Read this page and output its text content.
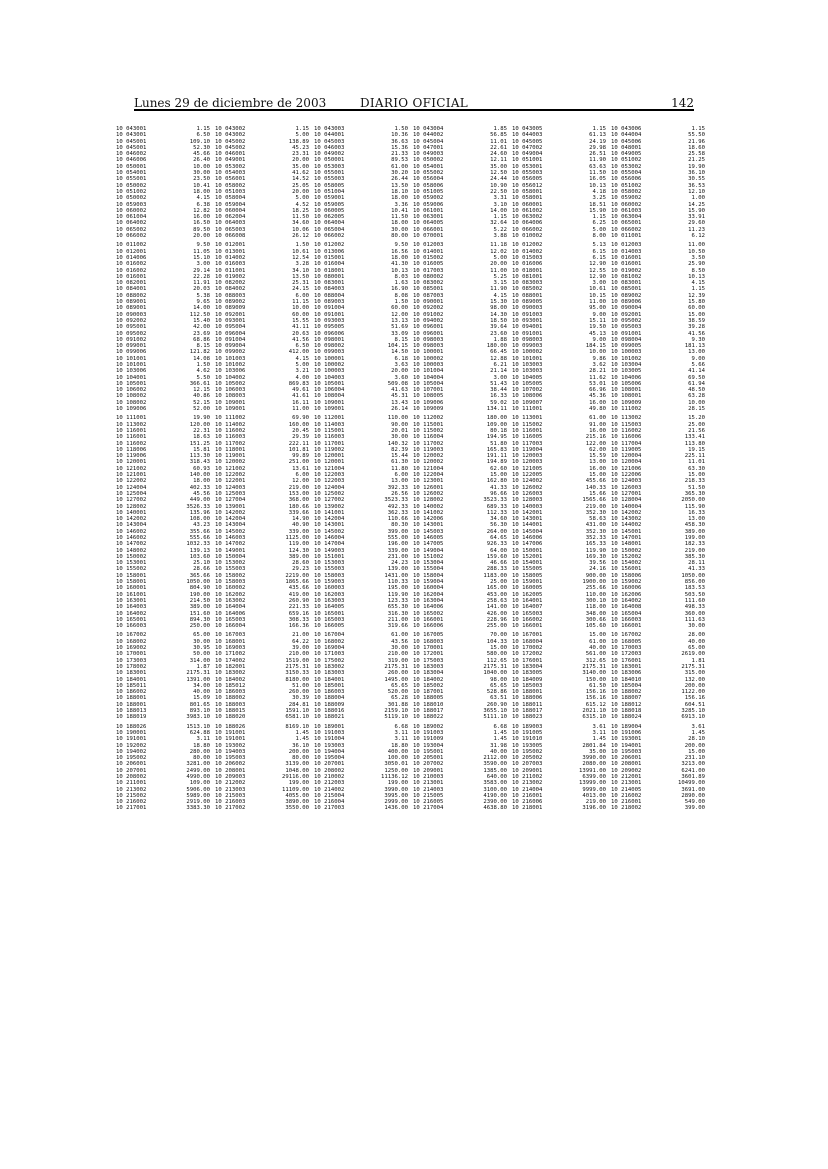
Lunes 29 de diciembre de 2003	DIARIO OFICIAL	142
10 043001	1.15
10 043001	6.50
10 045001	109.10
10 045001	52.30
10 046002	45.66
10 046006	26.40
10 050001	10.00
10 054001	30.00
10 055001	23.50
10 050002	10.41
10 051002	18.00
10 050002	4.15
10 059003	6.38
10 060002	12.82
10 061004	16.00
10 064002	16.50
10 065002	89.50
10 066002	20.00
10 011002	9.50
10 012001	11.05
10 014006	15.10
10 016002	3.00
10 016002	29.14
10 016001	22.28
10 082001	11.91
10 084001	20.03
10 088002	5.38
10 089001	9.65
10 089001	14.00
10 090003	112.50
10 092002	15.40
10 095001	42.00
10 095002	23.69
10 091002	68.86
10 099001	8.15
10 099006	121.82
10 101001	14.08
10 101001	1.50
10 103006	4.62
10 104001	5.50
10 105001	366.61
10 106002	12.15
10 108002	40.86
10 108002	52.15
10 109006	52.00
10 111001	19.90
10 113002	120.00
10 116001	22.31
10 116001	18.63
10 116002	151.25
10 118006	15.81
10 119006	113.30
10 120001	318.43
10 121002	60.93
10 121001	140.00
10 122002	18.00
10 124004	402.33
10 125004	45.56
10 127002	449.00
10 128002	3526.33
10 140001	135.96
10 142002	108.00
10 143004	43.23
10 146002	355.66
10 146002	555.66
10 147002	1032.33
10 148002	139.13
10 150002	103.60
10 153001	25.10
10 155002	28.66
10 158001	365.66
10 158001	1050.00
10 160001	804.90
10 161001	190.00
10 163001	214.50
10 164003	389.00
10 164002	151.60
10 165001	894.30
10 166003	250.00
10 167002	65.00
10 168002	30.00
10 169002	30.95
10 170001	50.00
10 173003	314.00
10 178002	1.87
10 183001	2175.31
10 184001	1391.00
10 185011	34.00
10 186002	40.00
10 188001	15.09
10 188001	801.65
10 188013	893.10
10 188019	3983.10
10 188026	1513.10
10 190001	624.88
10 191001	3.11
10 192002	18.80
10 194002	280.00
10 195002	80.00
10 206001	3281.00
10 207001	2499.00
10 208002	4990.00
10 211001	109.00
10 213002	5906.00
10 215002	5989.00
10 216002	2919.00
10 217001	3383.30
10 043002	1.15
10 043002	5.00
10 045002	138.89
10 045002	45.23
10 046001	23.31
10 049001	20.00
10 053002	35.00
10 054003	41.62
10 056001	14.52
10 058002	25.05
10 051003	20.00
10 058004	5.00
10 059004	4.52
10 060004	18.25
10 062004	11.50
10 064003	34.60
10 065003	10.06
10 066008	26.12
10 012001	1.50
10 013001	10.61
10 014002	12.54
10 016003	3.28
10 011001	34.10
10 019002	13.50
10 082002	25.31
10 084002	24.15
10 088003	6.00
10 089002	11.15
10 089009	10.00
10 092001	60.00
10 093001	15.55
10 095004	41.11
10 096004	20.63
10 091004	41.56
10 099004	6.50
10 099002	412.00
10 101003	4.15
10 101002	5.00
10 103006	3.21
10 104002	4.00
10 105002	869.83
10 106003	49.61
10 108003	41.61
10 109001	16.11
10 109001	11.00
10 111002	69.90
10 114002	160.00
10 116002	20.45
10 116003	29.39
10 117002	222.11
10 118001	101.81
10 119001	99.89
10 120002	251.00
10 121002	13.61
10 122002	6.00
10 122001	12.00
10 124003	219.00
10 125003	153.00
10 127004	368.00
10 139001	180.66
10 142002	339.66
10 142004	14.90
10 143004	40.90
10 145002	339.00
10 146003	1125.00
10 147002	119.00
10 149001	124.30
10 150004	389.00
10 153002	28.60
10 155003	29.23
10 158002	2219.00
10 158003	1865.66
10 160002	435.66
10 162002	419.00
10 163002	260.90
10 164004	221.33
10 164006	659.16
10 165003	308.33
10 166004	166.36
10 167003	21.00
10 168001	64.22
10 169003	39.00
10 171002	210.00
10 174002	1519.00
10 182001	2175.31
10 183002	3150.33
10 184002	8180.00
10 185012	51.00
10 186003	260.00
10 188002	30.39
10 188003	284.81
10 188015	1591.10
10 188020	6581.10
10 188026	8169.10
10 191001	1.45
10 191001	1.45
10 193002	36.10
10 194003	200.00
10 195003	80.00
10 206002	3139.00
10 208001	1048.00
10 209003	29116.00
10 212002	199.00
10 213003	11109.00
10 215003	4055.00
10 216003	3890.00
10 217002	3550.00
10 043003	1.50
10 044001	10.36
10 045003	36.63
10 046003	15.36
10 049002	21.33
10 050001	89.53
10 053003	61.00
10 055001	30.20
10 055003	26.44
10 058005	13.50
10 051004	18.10
10 059001	18.00
10 059005	3.36
10 060005	10.41
10 062005	11.50
10 064004	18.00
10 065004	30.00
10 066002	80.00
10 012002	9.50
10 013006	16.56
10 015001	18.00
10 016004	41.30
10 018001	10.13
10 080001	8.03
10 083001	1.63
10 084003	16.90
10 088004	8.08
10 089003	1.50
10 091004	60.00
10 091001	12.00
10 093003	13.13
10 095005	51.69
10 096006	33.09
10 098001	8.15
10 098002	104.15
10 099003	14.50
10 100001	6.18
10 100002	3.63
10 100003	20.00
10 104003	3.60
10 105001	509.08
10 106004	41.63
10 108004	45.31
10 109001	13.43
10 109001	26.14
10 112001	110.00
10 114003	90.00
10 115001	20.01
10 116003	30.00
10 117001	140.32
10 119002	82.39
10 120001	15.44
10 120001	61.30
10 121004	11.80
10 122003	6.00
10 122003	13.00
10 124004	392.33
10 125002	26.56
10 127002	3523.33
10 139002	492.33
10 141001	362.33
10 142004	110.66
10 143001	80.30
10 145002	399.00
10 146004	555.00
10 147004	196.00
10 149003	339.00
10 151001	231.00
10 153003	24.23
10 155003	139.00
10 158003	1431.00
10 159003	110.33
10 160003	195.00
10 162003	119.90
10 163003	123.33
10 164005	655.30
10 165001	316.30
10 165003	211.00
10 166005	319.66
10 167004	61.00
10 168002	43.56
10 169004	30.00
10 171003	210.00
10 175002	319.00
10 183002	2175.31
10 183003	260.00
10 184001	1495.00
10 185001	65.65
10 186003	520.00
10 188004	65.28
10 188009	301.88
10 188016	2159.10
10 188021	5119.10
10 189001	6.68
10 191003	3.11
10 191004	3.11
10 193003	18.80
10 194004	400.00
10 195004	100.00
10 207001	3050.01
10 208002	1250.00
10 210002	11136.12
10 212003	199.00
10 214002	3990.00
10 215004	3995.00
10 216004	2999.00
10 217003	1436.00
10 043004	1.85
10 044002	56.85
10 045004	11.01
10 047001	22.61
10 049003	24.60
10 050002	12.11
10 054001	35.00
10 055002	12.50
10 056004	24.44
10 058006	10.90
10 051005	22.50
10 059002	3.31
10 059006	3.10
10 061001	14.00
10 063001	1.15
10 064005	32.64
10 066001	5.22
10 070001	3.88
10 012003	11.18
10 014001	12.02
10 015002	5.00
10 016005	20.00
10 017003	11.00
10 080002	5.25
10 083002	3.15
10 085001	11.90
10 087003	4.15
10 090001	15.30
10 092002	98.00
10 091002	14.30
10 094002	18.50
10 096001	39.64
10 096001	23.60
10 098003	1.88
10 098003	180.00
10 100001	66.45
10 100002	12.88
10 100003	6.21
10 101004	21.14
10 104004	3.00
10 105004	51.43
10 107001	38.44
10 108005	16.33
10 109006	59.02
10 109009	134.11
10 112002	180.00
10 115001	109.00
10 115002	80.18
10 116004	194.95
10 117002	51.80
10 119003	165.83
10 120002	191.11
10 120002	194.89
10 121004	62.60
10 122004	15.00
10 123001	162.80
10 126001	41.33
10 126002	96.66
10 128002	3523.33
10 140002	689.33
10 141002	112.33
10 142006	34.60
10 143001	56.30
10 145003	264.00
10 146005	64.65
10 147005	926.33
10 149004	64.00
10 151002	159.60
10 153004	46.66
10 155004	288.33
10 158004	1183.00
10 159004	25.00
10 160004	165.00
10 162004	453.00
10 163004	258.63
10 164006	141.00
10 165002	426.00
10 166001	228.96
10 166006	255.00
10 167005	70.00
10 168003	104.33
10 170001	15.00
10 172001	580.00
10 175003	112.65
10 183003	2175.31
10 183004	1040.00
10 184002	98.00
10 185002	65.65
10 187001	528.86
10 188005	63.51
10 188010	260.90
10 188017	3655.10
10 188022	5111.10
10 189002	6.68
10 191003	1.45
10 191009	1.45
10 193004	31.98
10 195001	40.00
10 205001	2112.00
10 207002	3590.00
10 209001	1385.00
10 210003	640.00
10 213001	3583.00
10 214003	3100.00
10 215005	4190.00
10 216005	2390.00
10 217004	4638.80
10 043005	1.15
10 044003	61.13
10 045005	24.19
10 047002	29.98
10 049004	26.51
10 051001	11.90
10 053001	63.63
10 055003	11.50
10 056005	16.05
10 056012	10.13
10 058001	4.18
10 058001	3.25
10 060001	18.51
10 061002	15.90
10 063002	1.15
10 064006	6.25
10 066002	5.00
10 010002	8.00
10 012002	5.13
10 014002	6.15
10 015003	6.15
10 016006	12.90
10 018001	12.55
10 081001	12.90
10 083003	3.00
10 085002	10.61
10 088001	10.15
10 089005	11.00
10 090003	95.00
10 091003	9.00
10 093001	15.11
10 094001	19.50
10 091001	45.13
10 098003	9.00
10 099003	184.15
10 100002	10.00
10 101001	9.86
10 103003	3.62
10 103003	28.21
10 104005	11.62
10 105005	53.01
10 107002	66.96
10 108006	45.36
10 109007	16.00
10 111001	49.80
10 113001	61.00
10 115002	91.00
10 116001	16.00
10 116005	215.16
10 117003	122.00
10 119004	62.00
10 120003	15.59
10 120003	13.00
10 121005	16.00
10 122005	15.00
10 124002	455.66
10 126002	140.33
10 126003	15.66
10 128003	1565.66
10 140003	219.00
10 142001	352.30
10 143001	58.63
10 144001	431.00
10 145004	352.30
10 146006	352.33
10 147006	165.33
10 150001	119.90
10 152001	169.30
10 154001	39.56
10 155005	24.16
10 158005	900.00
10 159001	1900.00
10 160005	255.66
10 162005	110.00
10 164001	300.10
10 164007	118.00
10 165003	348.00
10 166002	300.66
10 166001	105.60
10 167001	15.00
10 168004	61.00
10 170002	40.00
10 172002	561.00
10 176001	312.65
10 183004	2175.31
10 183005	3140.00
10 184009	150.00
10 185003	61.50
10 188001	156.16
10 188006	156.16
10 188011	615.12
10 188017	2021.10
10 188023	6315.10
10 189003	3.61
10 191005	3.11
10 191010	1.45
10 193005	2801.84
10 195002	35.00
10 205002	3990.00
10 207003	2080.00
10 209001	13991.00
10 211002	6399.00
10 213002	13999.00
10 214004	9999.00
10 216001	4013.00
10 216006	219.00
10 218001	3196.00
10 043006	1.15
10 044004	55.50
10 045006	21.96
10 048001	18.60
10 049005	25.58
10 051002	21.25
10 053002	19.90
10 055004	36.10
10 056006	30.55
10 051002	36.53
10 058002	12.10
10 059002	1.00
10 060002	14.25
10 061003	15.90
10 063004	33.91
10 065001	29.60
10 066002	11.23
10 011001	6.12
10 012003	11.00
10 014003	10.50
10 016001	3.50
10 016001	25.90
10 019002	8.50
10 081002	10.13
10 083001	4.15
10 085001	1.15
10 089002	12.39
10 089006	15.80
10 090004	60.00
10 092001	15.00
10 095002	38.59
10 095003	39.28
10 091001	41.56
10 098004	9.30
10 099005	181.13
10 100003	13.00
10 101002	9.00
10 103004	5.66
10 103005	41.14
10 104006	69.50
10 105006	61.94
10 108001	48.50
10 108001	63.28
10 109009	10.00
10 111002	28.15
10 113002	15.20
10 115003	25.00
10 116002	21.56
10 116006	133.41
10 117004	113.80
10 119005	19.15
10 120004	225.11
10 120004	11.01
10 121006	63.30
10 122006	15.00
10 124003	218.33
10 126003	51.50
10 127001	365.30
10 128004	2050.00
10 140004	115.90
10 142002	16.33
10 143002	13.00
10 144002	458.30
10 145001	389.00
10 147001	199.00
10 148001	182.33
10 150002	219.00
10 152002	385.30
10 154002	28.11
10 156001	41.33
10 158006	1050.00
10 159002	856.00
10 160006	183.53
10 162006	503.50
10 164002	111.60
10 164008	498.33
10 165004	360.00
10 166003	111.63
10 166001	30.00
10 167002	28.00
10 168005	40.00
10 170003	65.00
10 172003	2619.00
10 176001	1.81
10 183001	2175.31
10 183006	315.00
10 184010	132.00
10 185004	200.00
10 188002	1122.00
10 188007	156.16
10 188012	604.51
10 188018	3285.10
10 188024	6913.10
10 189004	3.61
10 191006	1.45
10 193001	28.10
10 194001	200.00
10 195003	15.00
10 206001	231.10
10 208001	3213.00
10 209002	6241.00
10 212001	3601.89
10 213001	10499.00
10 214005	3691.00
10 216002	2890.00
10 216001	549.00
10 218002	399.00
